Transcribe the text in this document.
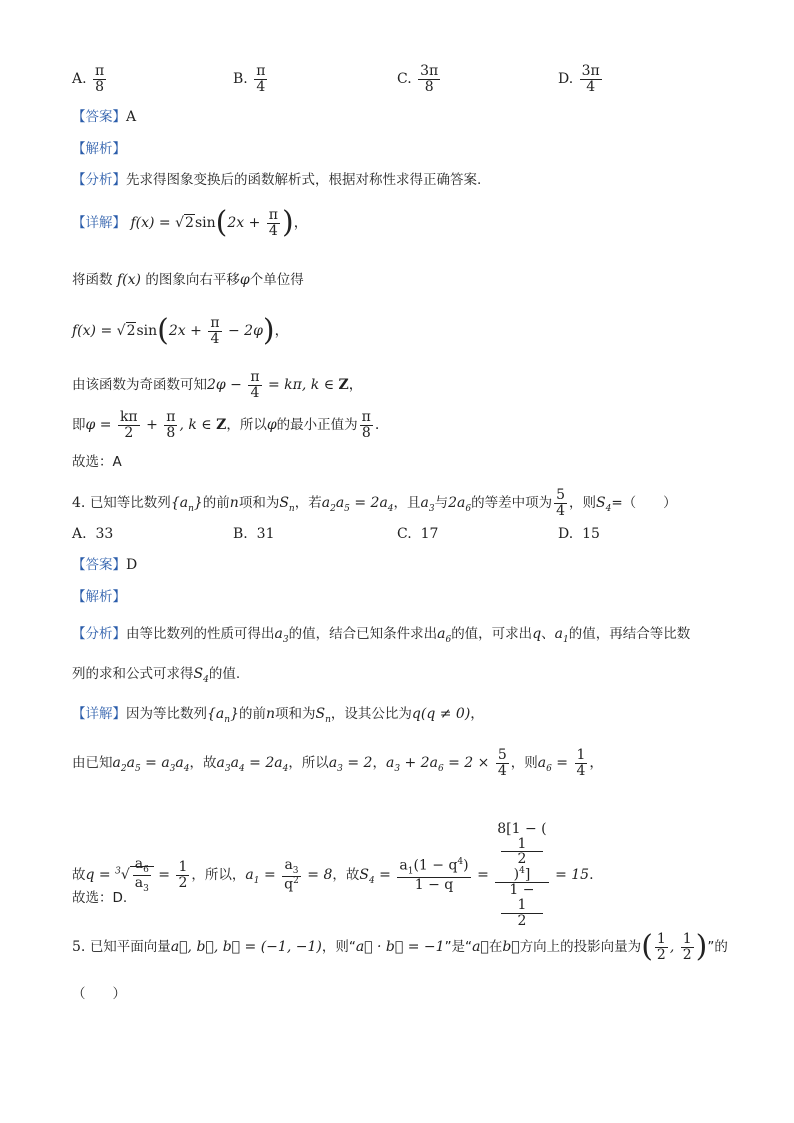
A. $\frac{\pi}{8}$	B. $\frac{\pi}{4}$	C. $\frac{3\pi}{8}$	D. $\frac{3\pi}{4}$
【答案】A
【解析】
【分析】先求得图象变换后的函数解析式，根据对称性求得正确答案.
【详解】 $f(x) = √2\sin(2x + \frac{\pi}{4}$ )，
将函数 f(x) 的图象向右平移φ个单位得
$f(x) = √2\sin(2x + \frac{\pi}{4} - 2\varphi)$，
由该函数为奇函数可知$2\varphi - \frac{\pi}{4} = k\pi$, k ∈ Z，
即$\varphi = \frac{k\pi}{2} + \frac{\pi}{8}$ , k ∈ Z，所以φ的最小正值为 $\frac{\pi}{8}$ .
故选：A
4. 已知等比数列$\{a_n\}$的前n项和为$S_n$，若$a_2a_5 = 2a_4$，且$a_3$与$2a_6$的等差中项为 $\frac{5}{4}$ ，则$S_4=$（　　）
A. 33	B. 31	C. 17	D. 15
【答案】D
【解析】
【分析】由等比数列的性质可得出$a_3$的值，结合已知条件求出$a_6$的值，可求出q、$a_1$的值，再结合等比数
列的求和公式可求得$S_4$的值.
【详解】因为等比数列$\{a_n\}$的前n项和为$S_n$，设其公比为q(q ≠ 0)，
由已知$a_2a_5 = a_3a_4$，故$a_3a_4 = 2a_4$，所以$a_3 = 2$，$a_3 + 2a_6 = 2 \times \frac{5}{4}$ ，则$a_6 = \frac{1}{4}$ ，
故$q = ^3√ \frac{a_6}{a_3} = \frac{1}{2}$ ，所以，$a_1 = \frac{a_3}{q^2} = 8$，故$S_4 = \frac{a_1(1 - q^4)}{1 - q} = 8[1$ − (
1
2
)$^4$]
1 −
1
2 = 15.
故选：D.
5. 已知平面向量a⃗, b⃗, b⃗ = (−1, −1)，则“a⃗ · b⃗ = −1”是“a⃗在b⃗方向上的投影向量为( $\frac{1}{2}$ , $\frac{1}{2}$ )”的
（　　）
